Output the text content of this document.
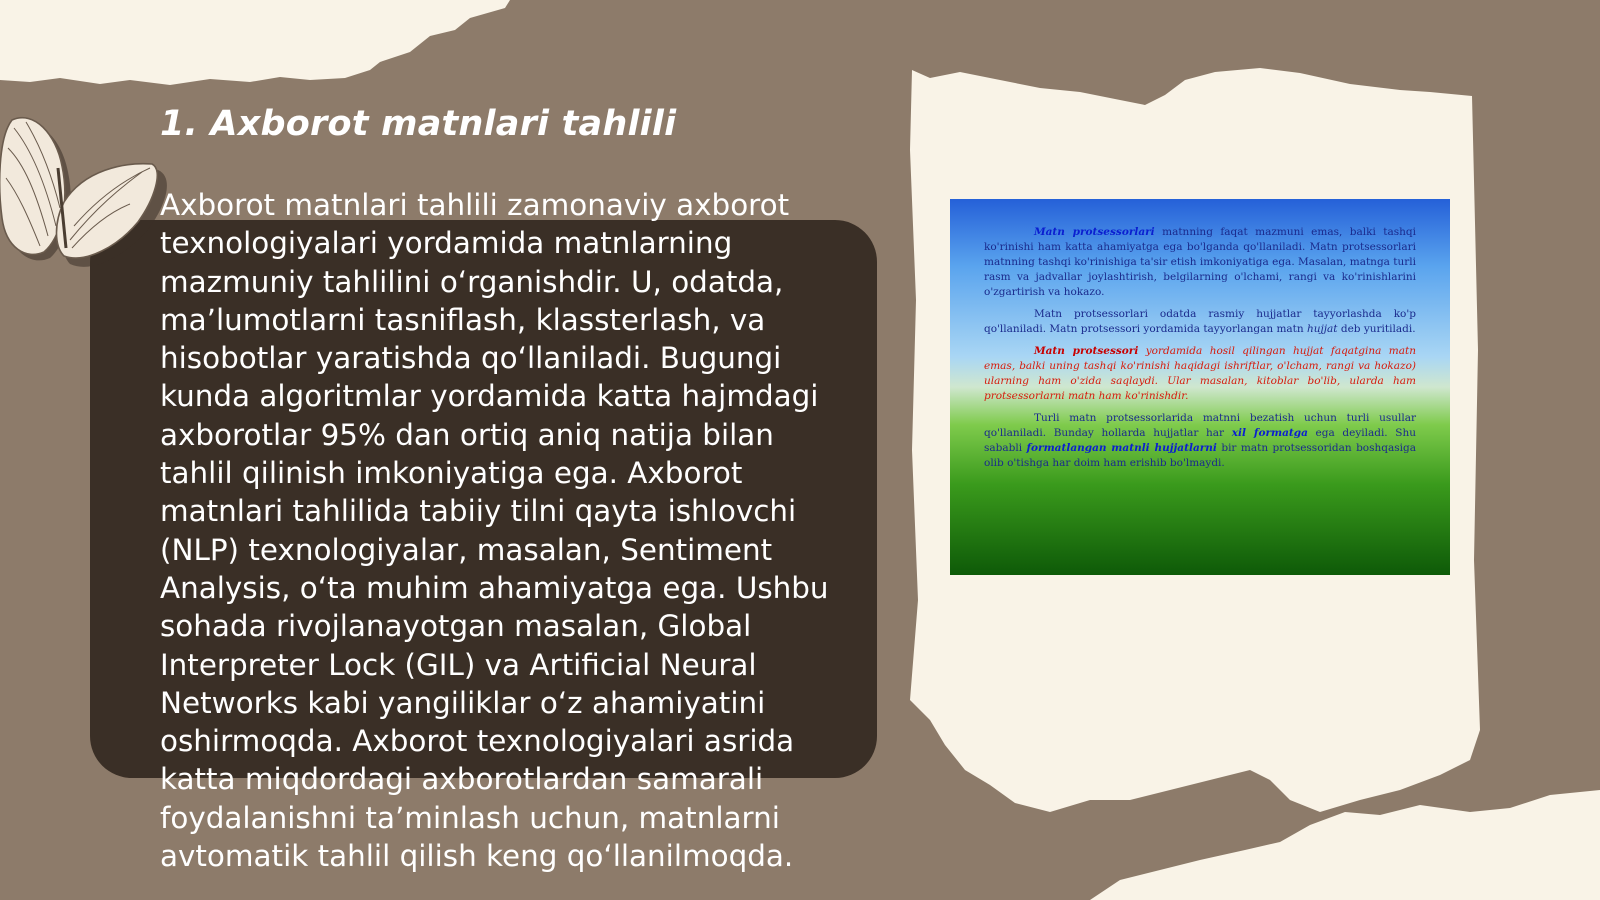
1. Axborot matnlari tahlili

Axborot matnlari tahlili zamonaviy axborot texnologiyalari yordamida matnlarning mazmuniy tahlilini o‘rganishdir. U, odatda, ma’lumotlarni tasniflash, klassterlash, va hisobotlar yaratishda qo‘llaniladi. Bugungi kunda algoritmlar yordamida katta hajmdagi axborotlar 95% dan ortiq aniq natija bilan tahlil qilinish imkoniyatiga ega. Axborot matnlari tahlilida tabiiy tilni qayta ishlovchi (NLP) texnologiyalar, masalan, Sentiment Analysis, o‘ta muhim ahamiyatga ega. Ushbu sohada rivojlanayotgan masalan, Global Interpreter Lock (GIL) va Artificial Neural Networks kabi yangiliklar o‘z ahamiyatini oshirmoqda. Axborot texnologiyalari asrida katta miqdordagi axborotlardan samarali foydalanishni ta’minlash uchun, matnlarni avtomatik tahlil qilish keng qo‘llanilmoqda.

Matn protsessorlari matnning faqat mazmuni emas, balki tashqi ko'rinishi ham katta ahamiyatga ega bo'lganda qo'llaniladi. Matn protsessorlari matnning tashqi ko'rinishiga ta'sir etish imkoniyatiga ega. Masalan, matnga turli rasm va jadvallar joylashtirish, belgilarning o'lchami, rangi va ko'rinishlarini o'zgartirish va hokazo.

Matn protsessorlari odatda rasmiy hujjatlar tayyorlashda ko'p qo'llaniladi. Matn protsessori yordamida tayyorlangan matn hujjat deb yuritiladi.

Matn protsessori yordamida hosil qilingan hujjat faqatgina matn emas, balki uning tashqi ko'rinishi haqidagi ishriftlar, o'lcham, rangi va hokazo) ularning ham o'zida saqlaydi. Ular masalan, kitoblar bo'lib, ularda ham protsessorlarni matn ham ko'rinishdir.

Turli matn protsessorlarida matnni bezatish uchun turli usullar qo'llaniladi. Bunday hollarda hujjatlar har xil formatga ega deyiladi. Shu sababli formatlangan matnli hujjatlarni bir matn protsessoridan boshqasiga olib o'tishga har doim ham erishib bo'lmaydi.
